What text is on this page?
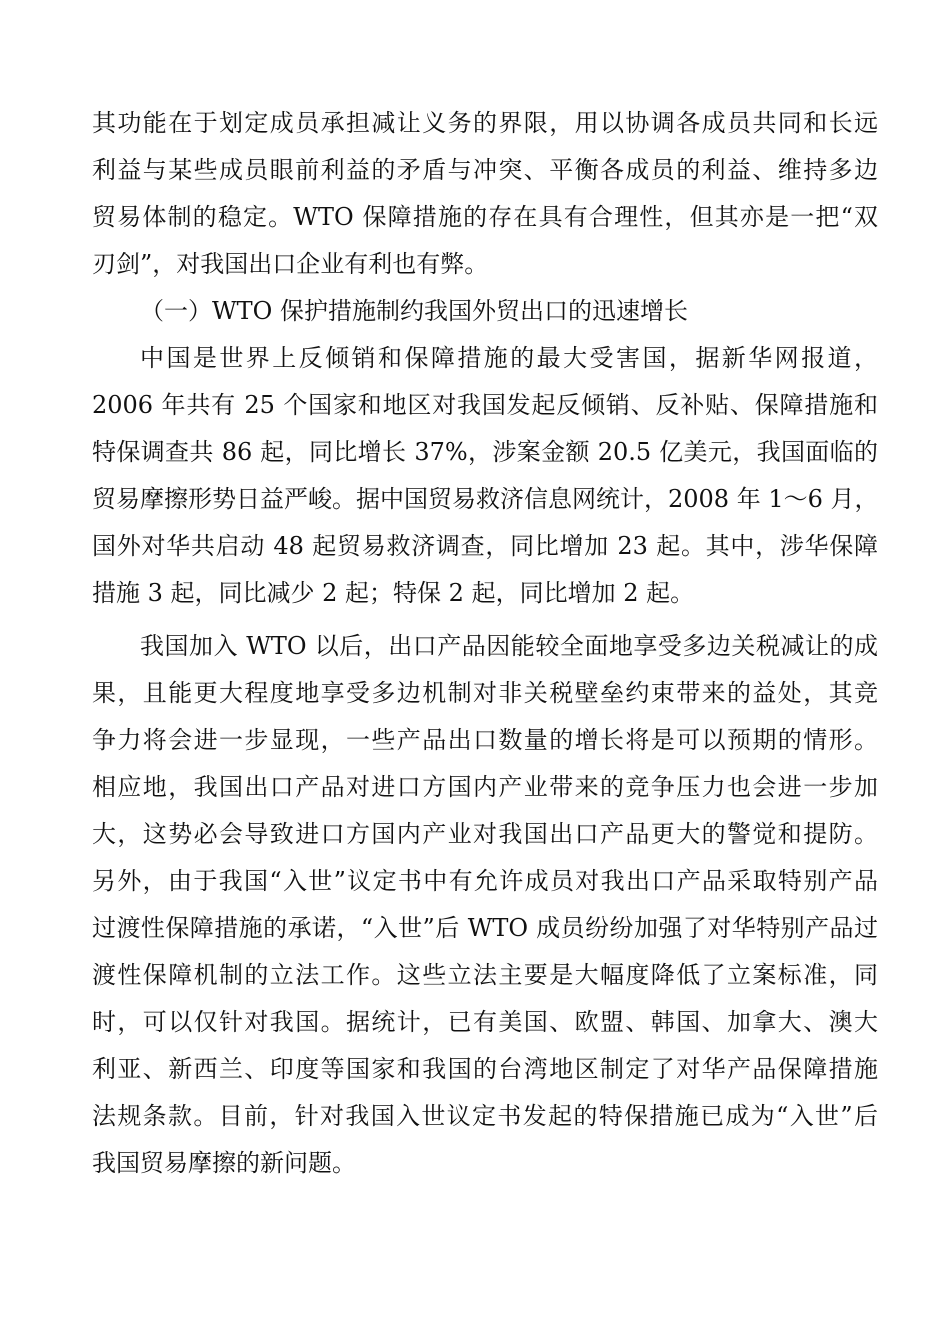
其功能在于划定成员承担减让义务的界限，用以协调各成员共同和长远
利益与某些成员眼前利益的矛盾与冲突、平衡各成员的利益、维持多边
贸易体制的稳定。WTO 保障措施的存在具有合理性，但其亦是一把“双
刃剑”，对我国出口企业有利也有弊。
（一）WTO 保护措施制约我国外贸出口的迅速增长
中国是世界上反倾销和保障措施的最大受害国，据新华网报道，
2006 年共有 25 个国家和地区对我国发起反倾销、反补贴、保障措施和
特保调查共 86 起，同比增长 37%，涉案金额 20.5 亿美元，我国面临的
贸易摩擦形势日益严峻。据中国贸易救济信息网统计，2008 年 1～6 月，
国外对华共启动 48 起贸易救济调查，同比增加 23 起。其中，涉华保障
措施 3 起，同比减少 2 起；特保 2 起，同比增加 2 起。
我国加入 WTO 以后，出口产品因能较全面地享受多边关税减让的成
果，且能更大程度地享受多边机制对非关税壁垒约束带来的益处，其竞
争力将会进一步显现，一些产品出口数量的增长将是可以预期的情形。
相应地，我国出口产品对进口方国内产业带来的竞争压力也会进一步加
大，这势必会导致进口方国内产业对我国出口产品更大的警觉和提防。
另外，由于我国“入世”议定书中有允许成员对我出口产品采取特别产品
过渡性保障措施的承诺，“入世”后 WTO 成员纷纷加强了对华特别产品过
渡性保障机制的立法工作。这些立法主要是大幅度降低了立案标准，同
时，可以仅针对我国。据统计，已有美国、欧盟、韩国、加拿大、澳大
利亚、新西兰、印度等国家和我国的台湾地区制定了对华产品保障措施
法规条款。目前，针对我国入世议定书发起的特保措施已成为“入世”后
我国贸易摩擦的新问题。
